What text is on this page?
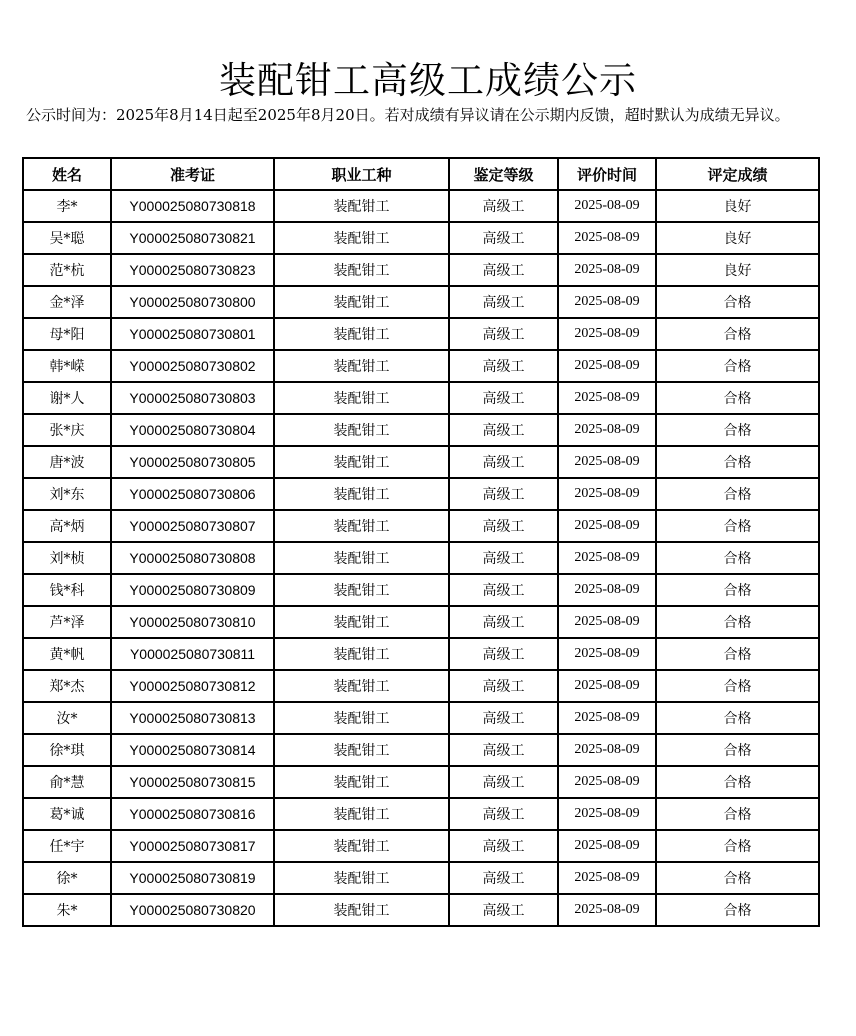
装配钳工高级工成绩公示
公示时间为：2025年8月14日起至2025年8月20日。若对成绩有异议请在公示期内反馈，超时默认为成绩无异议。
姓名	准考证	职业工种	鉴定等级	评价时间	评定成绩
李*	Y000025080730818	装配钳工	高级工	2025-08-09	良好
吴*聪	Y000025080730821	装配钳工	高级工	2025-08-09	良好
范*杭	Y000025080730823	装配钳工	高级工	2025-08-09	良好
金*泽	Y000025080730800	装配钳工	高级工	2025-08-09	合格
母*阳	Y000025080730801	装配钳工	高级工	2025-08-09	合格
韩*嵘	Y000025080730802	装配钳工	高级工	2025-08-09	合格
谢*人	Y000025080730803	装配钳工	高级工	2025-08-09	合格
张*庆	Y000025080730804	装配钳工	高级工	2025-08-09	合格
唐*波	Y000025080730805	装配钳工	高级工	2025-08-09	合格
刘*东	Y000025080730806	装配钳工	高级工	2025-08-09	合格
高*炳	Y000025080730807	装配钳工	高级工	2025-08-09	合格
刘*桢	Y000025080730808	装配钳工	高级工	2025-08-09	合格
钱*科	Y000025080730809	装配钳工	高级工	2025-08-09	合格
芦*泽	Y000025080730810	装配钳工	高级工	2025-08-09	合格
黄*帆	Y000025080730811	装配钳工	高级工	2025-08-09	合格
郑*杰	Y000025080730812	装配钳工	高级工	2025-08-09	合格
汝*	Y000025080730813	装配钳工	高级工	2025-08-09	合格
徐*琪	Y000025080730814	装配钳工	高级工	2025-08-09	合格
俞*慧	Y000025080730815	装配钳工	高级工	2025-08-09	合格
葛*诚	Y000025080730816	装配钳工	高级工	2025-08-09	合格
任*宇	Y000025080730817	装配钳工	高级工	2025-08-09	合格
徐*	Y000025080730819	装配钳工	高级工	2025-08-09	合格
朱*	Y000025080730820	装配钳工	高级工	2025-08-09	合格
